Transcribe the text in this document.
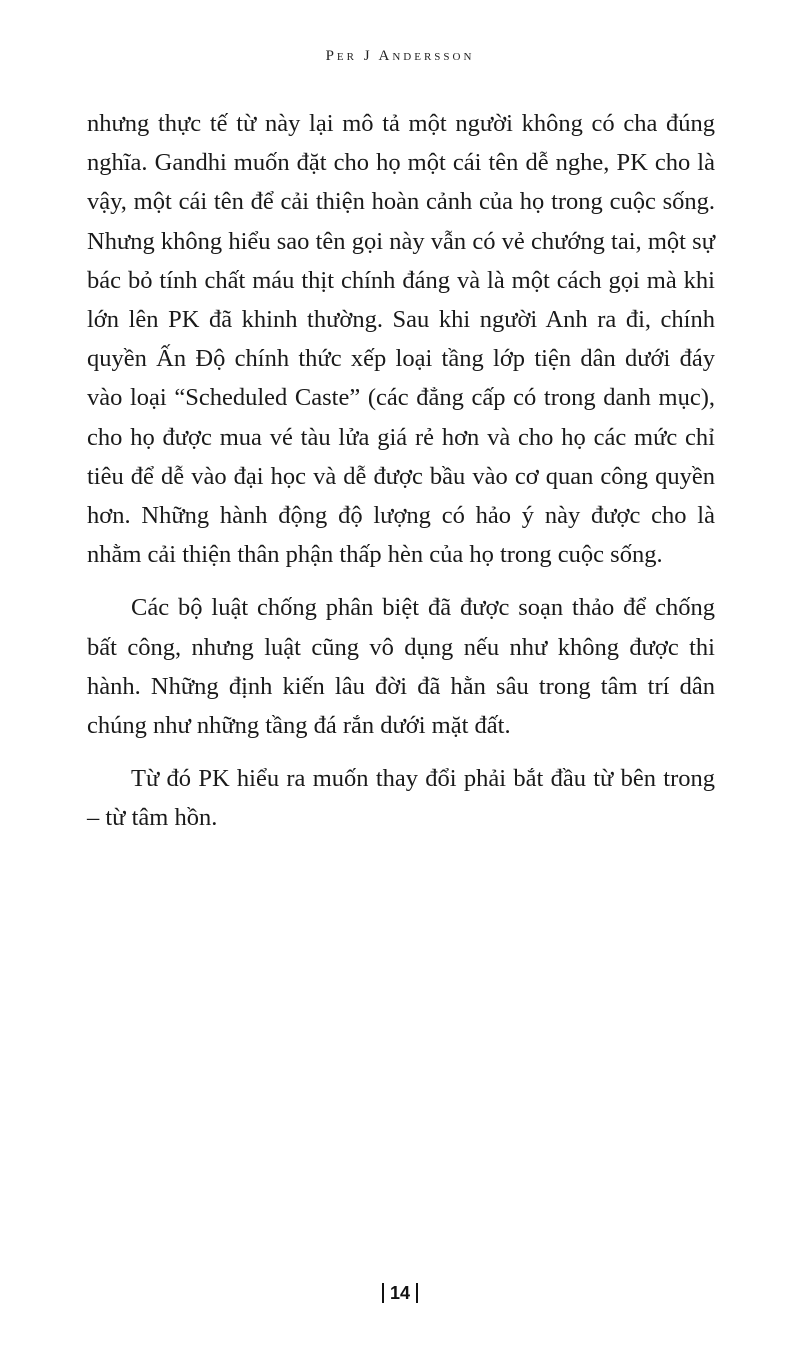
Per J Andersson

nhưng thực tế từ này lại mô tả một người không có cha đúng nghĩa. Gandhi muốn đặt cho họ một cái tên dễ nghe, PK cho là vậy, một cái tên để cải thiện hoàn cảnh của họ trong cuộc sống. Nhưng không hiểu sao tên gọi này vẫn có vẻ chướng tai, một sự bác bỏ tính chất máu thịt chính đáng và là một cách gọi mà khi lớn lên PK đã khinh thường. Sau khi người Anh ra đi, chính quyền Ấn Độ chính thức xếp loại tầng lớp tiện dân dưới đáy vào loại “Scheduled Caste” (các đẳng cấp có trong danh mục), cho họ được mua vé tàu lửa giá rẻ hơn và cho họ các mức chỉ tiêu để dễ vào đại học và dễ được bầu vào cơ quan công quyền hơn. Những hành động độ lượng có hảo ý này được cho là nhằm cải thiện thân phận thấp hèn của họ trong cuộc sống.

Các bộ luật chống phân biệt đã được soạn thảo để chống bất công, nhưng luật cũng vô dụng nếu như không được thi hành. Những định kiến lâu đời đã hằn sâu trong tâm trí dân chúng như những tầng đá rắn dưới mặt đất.

Từ đó PK hiểu ra muốn thay đổi phải bắt đầu từ bên trong – từ tâm hồn.

14
